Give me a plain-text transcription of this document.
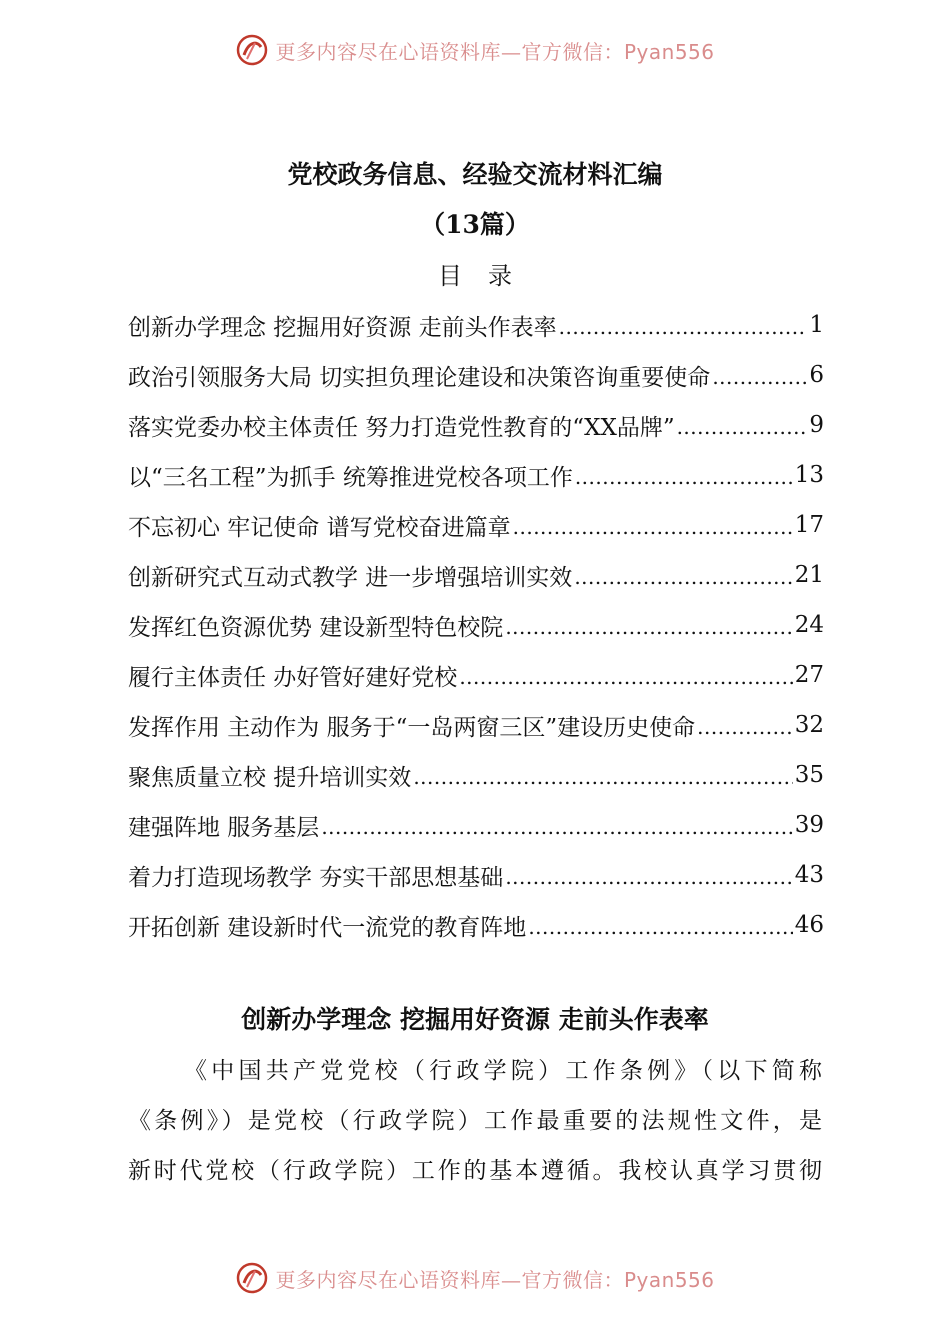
更多内容尽在心语资料库—官方微信：Pyan556
党校政务信息、经验交流材料汇编
（13篇）
目录
创新办学理念 挖掘用好资源 走前头作表率 .....	1
政治引领服务大局 切实担负理论建设和决策咨询重要使命 .....	6
落实党委办校主体责任 努力打造党性教育的“XX品牌” .....	9
以“三名工程”为抓手 统筹推进党校各项工作 .....	13
不忘初心 牢记使命 谱写党校奋进篇章 .....	17
创新研究式互动式教学 进一步增强培训实效 .....	21
发挥红色资源优势 建设新型特色校院 .....	24
履行主体责任 办好管好建好党校 .....	27
发挥作用 主动作为 服务于“一岛两窗三区”建设历史使命 .....	32
聚焦质量立校 提升培训实效 .....	35
建强阵地 服务基层 .....	39
着力打造现场教学 夯实干部思想基础 .....	43
开拓创新 建设新时代一流党的教育阵地 .....	46
创新办学理念 挖掘用好资源 走前头作表率
《中国共产党党校（行政学院）工作条例》（以下简称
《条例》）是党校（行政学院）工作最重要的法规性文件，是
新时代党校（行政学院）工作的基本遵循。我校认真学习贯彻
更多内容尽在心语资料库—官方微信：Pyan556
